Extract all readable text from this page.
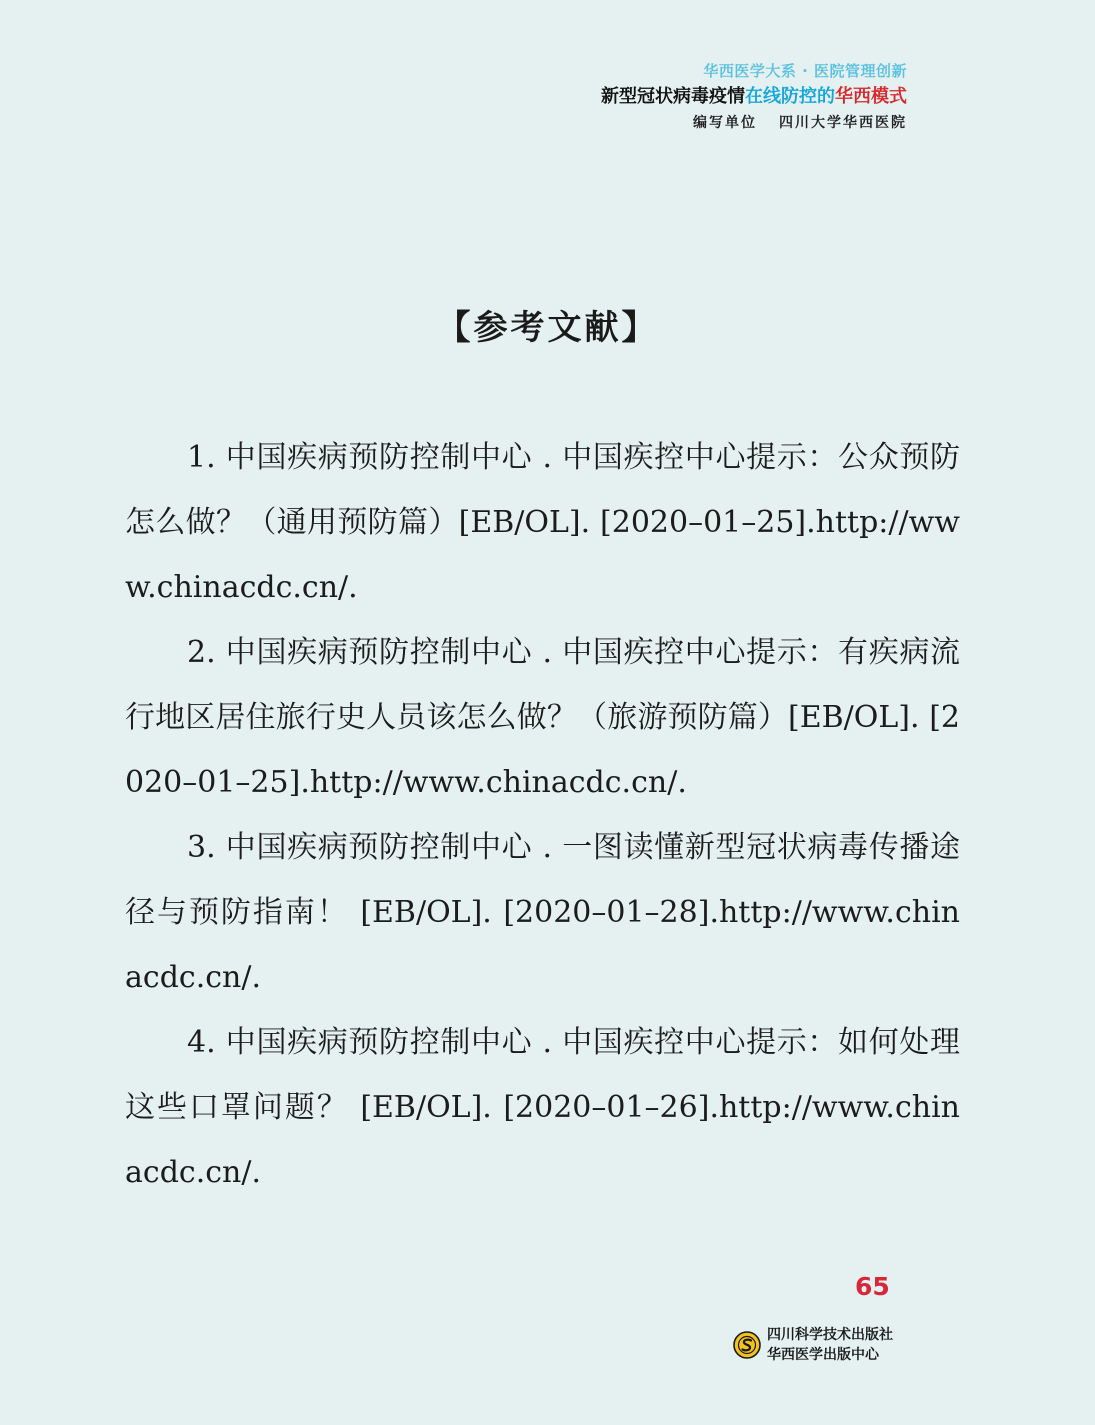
华西医学大系 · 医院管理创新
新型冠状病毒疫情在线防控的华西模式
编写单位 四川大学华西医院
【参考文献】

1. 中国疾病预防控制中心 . 中国疾控中心提示：公众预防怎么做？（通用预防篇）[EB/OL]. [2020–01–25].http://www.chinacdc.cn/.

2. 中国疾病预防控制中心 . 中国疾控中心提示：有疾病流行地区居住旅行史人员该怎么做？（旅游预防篇）[EB/OL]. [2020–01–25].http://www.chinacdc.cn/.

3. 中国疾病预防控制中心 . 一图读懂新型冠状病毒传播途径与预防指南！ [EB/OL]. [2020–01–28].http://www.chinacdc.cn/.

4. 中国疾病预防控制中心 . 中国疾控中心提示：如何处理这些口罩问题？ [EB/OL]. [2020–01–26].http://www.chinacdc.cn/.

65
四川科学技术出版社
华西医学出版中心
